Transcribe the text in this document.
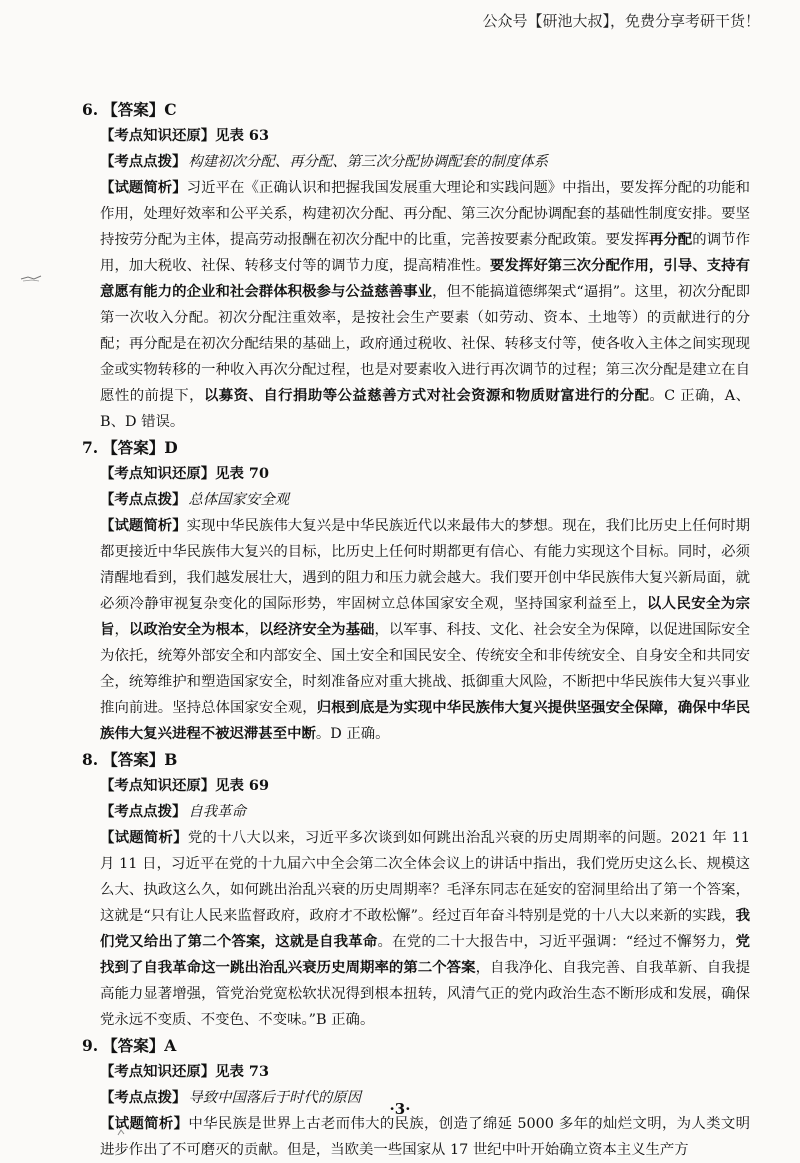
公众号【研池大叔】，免费分享考研干货！
6. 【答案】C
【考点知识还原】见表 63
【考点点拨】 构建初次分配、再分配、第三次分配协调配套的制度体系
【试题简析】习近平在《正确认识和把握我国发展重大理论和实践问题》中指出，要发挥分配的功能和作用，处理好效率和公平关系，构建初次分配、再分配、第三次分配协调配套的基础性制度安排。要坚持按劳分配为主体，提高劳动报酬在初次分配中的比重，完善按要素分配政策。要发挥再分配的调节作用，加大税收、社保、转移支付等的调节力度，提高精准性。要发挥好第三次分配作用，引导、支持有意愿有能力的企业和社会群体积极参与公益慈善事业，但不能搞道德绑架式“逼捐”。这里，初次分配即第一次收入分配。初次分配注重效率，是按社会生产要素（如劳动、资本、土地等）的贡献进行的分配；再分配是在初次分配结果的基础上，政府通过税收、社保、转移支付等，使各收入主体之间实现现金或实物转移的一种收入再次分配过程，也是对要素收入进行再次调节的过程；第三次分配是建立在自愿性的前提下，以募资、自行捐助等公益慈善方式对社会资源和物质财富进行的分配。C 正确，A、B、D 错误。
7. 【答案】D
【考点知识还原】见表 70
【考点点拨】 总体国家安全观
【试题简析】实现中华民族伟大复兴是中华民族近代以来最伟大的梦想。现在，我们比历史上任何时期都更接近中华民族伟大复兴的目标，比历史上任何时期都更有信心、有能力实现这个目标。同时，必须清醒地看到，我们越发展壮大，遇到的阻力和压力就会越大。我们要开创中华民族伟大复兴新局面，就必须冷静审视复杂变化的国际形势，牢固树立总体国家安全观，坚持国家利益至上，以人民安全为宗旨，以政治安全为根本，以经济安全为基础，以军事、科技、文化、社会安全为保障，以促进国际安全为依托，统筹外部安全和内部安全、国土安全和国民安全、传统安全和非传统安全、自身安全和共同安全，统筹维护和塑造国家安全，时刻准备应对重大挑战、抵御重大风险，不断把中华民族伟大复兴事业推向前进。坚持总体国家安全观，归根到底是为实现中华民族伟大复兴提供坚强安全保障，确保中华民族伟大复兴进程不被迟滞甚至中断。D 正确。
8. 【答案】B
【考点知识还原】见表 69
【考点点拨】 自我革命
【试题简析】党的十八大以来，习近平多次谈到如何跳出治乱兴衰的历史周期率的问题。2021 年 11 月 11 日，习近平在党的十九届六中全会第二次全体会议上的讲话中指出，我们党历史这么长、规模这么大、执政这么久，如何跳出治乱兴衰的历史周期率？毛泽东同志在延安的窑洞里给出了第一个答案，这就是“只有让人民来监督政府，政府才不敢松懈”。经过百年奋斗特别是党的十八大以来新的实践，我们党又给出了第二个答案，这就是自我革命。在党的二十大报告中，习近平强调：“经过不懈努力，党找到了自我革命这一跳出治乱兴衰历史周期率的第二个答案，自我净化、自我完善、自我革新、自我提高能力显著增强，管党治党宽松软状况得到根本扭转，风清气正的党内政治生态不断形成和发展，确保党永远不变质、不变色、不变味。”B 正确。
9. 【答案】A
【考点知识还原】见表 73
【考点点拨】 导致中国落后于时代的原因
【试题简析】中华民族是世界上古老而伟大的民族，创造了绵延 5000 多年的灿烂文明，为人类文明进步作出了不可磨灭的贡献。但是，当欧美一些国家从 17 世纪中叶开始确立资本主义生产方
·3·
